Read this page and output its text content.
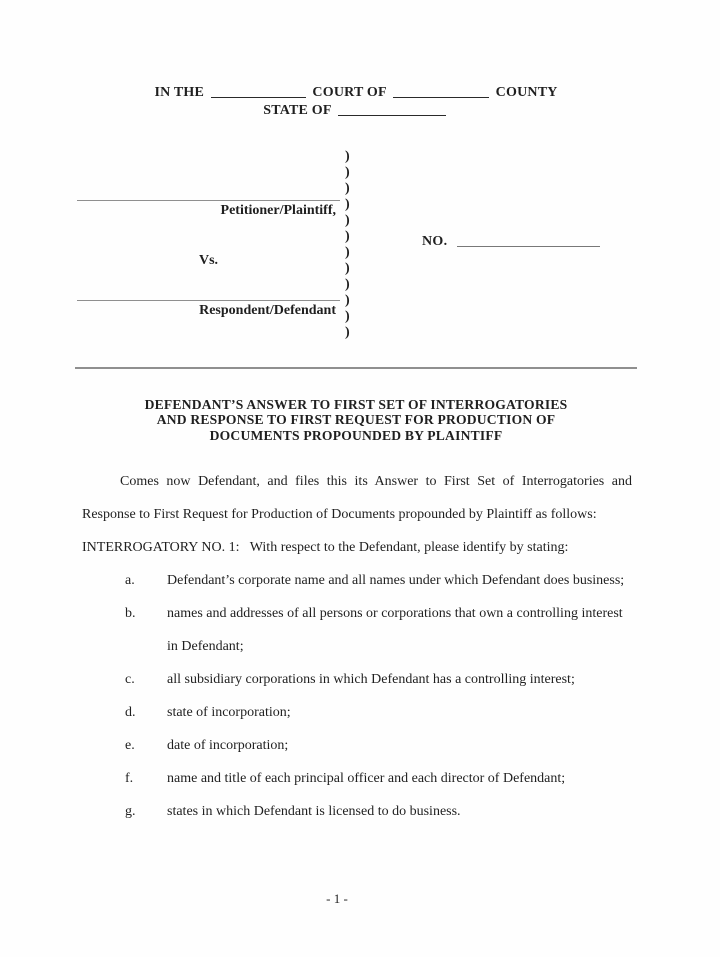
IN THE	COURT OF	COUNTY
STATE OF
Petitioner/Plaintiff,
Vs.
Respondent/Defendant
)
)
)
)
)
)
)
)
)
)
)
)
NO.
DEFENDANT’S ANSWER TO FIRST SET OF INTERROGATORIES
AND RESPONSE TO FIRST REQUEST FOR PRODUCTION OF
DOCUMENTS PROPOUNDED BY PLAINTIFF

Comes now Defendant, and files this its Answer to First Set of Interrogatories and Response to First Request for Production of Documents propounded by Plaintiff as follows:

INTERROGATORY NO. 1: With respect to the Defendant, please identify by stating:

a. Defendant’s corporate name and all names under which Defendant does business;
b. names and addresses of all persons or corporations that own a controlling interest in Defendant;
c. all subsidiary corporations in which Defendant has a controlling interest;
d. state of incorporation;
e. date of incorporation;
f. name and title of each principal officer and each director of Defendant;
g. states in which Defendant is licensed to do business.
- 1 -
